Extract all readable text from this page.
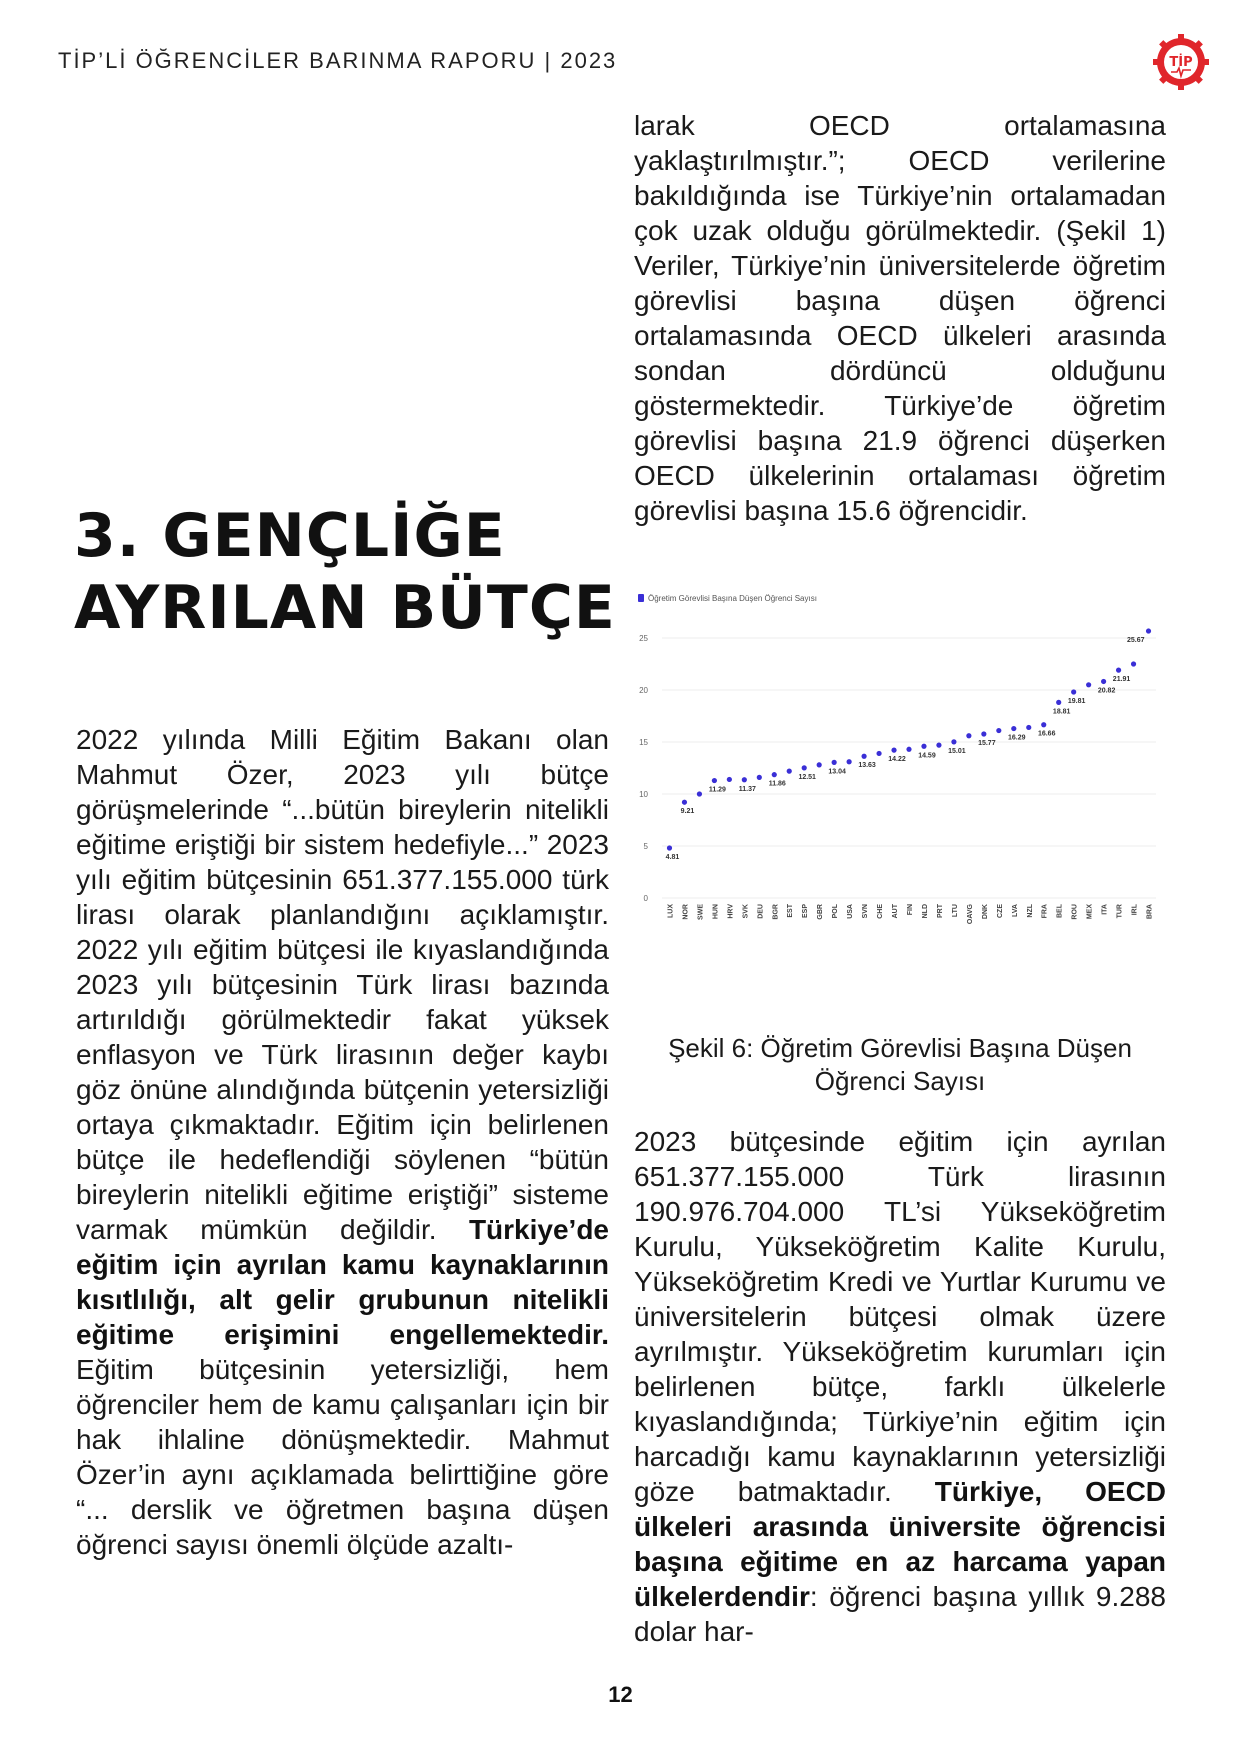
TİP’Lİ ÖĞRENCİLER BARINMA RAPORU | 2023	TİP
3. GENÇLİĞE
AYRILAN BÜTÇE

2022 yılında Milli Eğitim Bakanı olan Mahmut Özer, 2023 yılı bütçe görüşmelerinde “...bütün bireylerin nitelikli eğitime eriştiği bir sistem hedefiyle...” 2023 yılı eğitim bütçesinin 651.377.155.000 türk lirası olarak planlandığını açıklamıştır. 2022 yılı eğitim bütçesi ile kıyaslandığında 2023 yılı bütçesinin Türk lirası bazında artırıldığı görülmektedir fakat yüksek enflasyon ve Türk lirasının değer kaybı göz önüne alındığında bütçenin yetersizliği ortaya çıkmaktadır. Eğitim için belirlenen bütçe ile hedeflendiği söylenen “bütün bireylerin nitelikli eğitime eriştiği” sisteme varmak mümkün değildir. Türkiye’de eğitim için ayrılan kamu kaynaklarının kısıtlılığı, alt gelir grubunun nitelikli eğitime erişimini engellemektedir. Eğitim bütçesinin yetersizliği, hem öğrenciler hem de kamu çalışanları için bir hak ihlaline dönüşmektedir. Mahmut Özer’in aynı açıklamada belirttiğine göre “... derslik ve öğretmen başına düşen öğrenci sayısı önemli ölçüde azaltı-

larak OECD ortalamasına yaklaştırılmıştır.”; OECD verilerine bakıldığında ise Türkiye’nin ortalamadan çok uzak olduğu görülmektedir. (Şekil 1) Veriler, Türkiye’nin üniversitelerde öğretim görevlisi başına düşen öğrenci ortalamasında OECD ülkeleri arasında sondan dördüncü olduğunu göstermektedir. Türkiye’de öğretim görevlisi başına 21.9 öğrenci düşerken OECD ülkelerinin ortalaması öğretim görevlisi başına 15.6 öğrencidir.

Öğretim Görevlisi Başına Düşen Öğrenci Sayısı
0
5
10
15
20
25
LUX NOR SWE HUN HRV SVK DEU BGR EST ESP GBR POL USA SVN CHE AUT FIN NLD PRT LTU OAVG DNK CZE LVA NZL FRA BEL ROU MEX ITA TUR IRL BRA
4.81
9.21
11.29 11.37
11.86
12.51
13.04
13.63
14.22
14.59
15.01
15.77
16.29
16.66
18.81
19.81
20.82
21.91
25.67
Şekil 6: Öğretim Görevlisi Başına Düşen Öğrenci Sayısı

2023 bütçesinde eğitim için ayrılan 651.377.155.000 Türk lirasının 190.976.704.000 TL’si Yükseköğretim Kurulu, Yükseköğretim Kalite Kurulu, Yükseköğretim Kredi ve Yurtlar Kurumu ve üniversitelerin bütçesi olmak üzere ayrılmıştır. Yükseköğretim kurumları için belirlenen bütçe, farklı ülkelerle kıyaslandığında; Türkiye’nin eğitim için harcadığı kamu kaynaklarının yetersizliği göze batmaktadır. Türkiye, OECD ülkeleri arasında üniversite öğrencisi başına eğitime en az harcama yapan ülkelerdendir: öğrenci başına yıllık 9.288 dolar har-

12
